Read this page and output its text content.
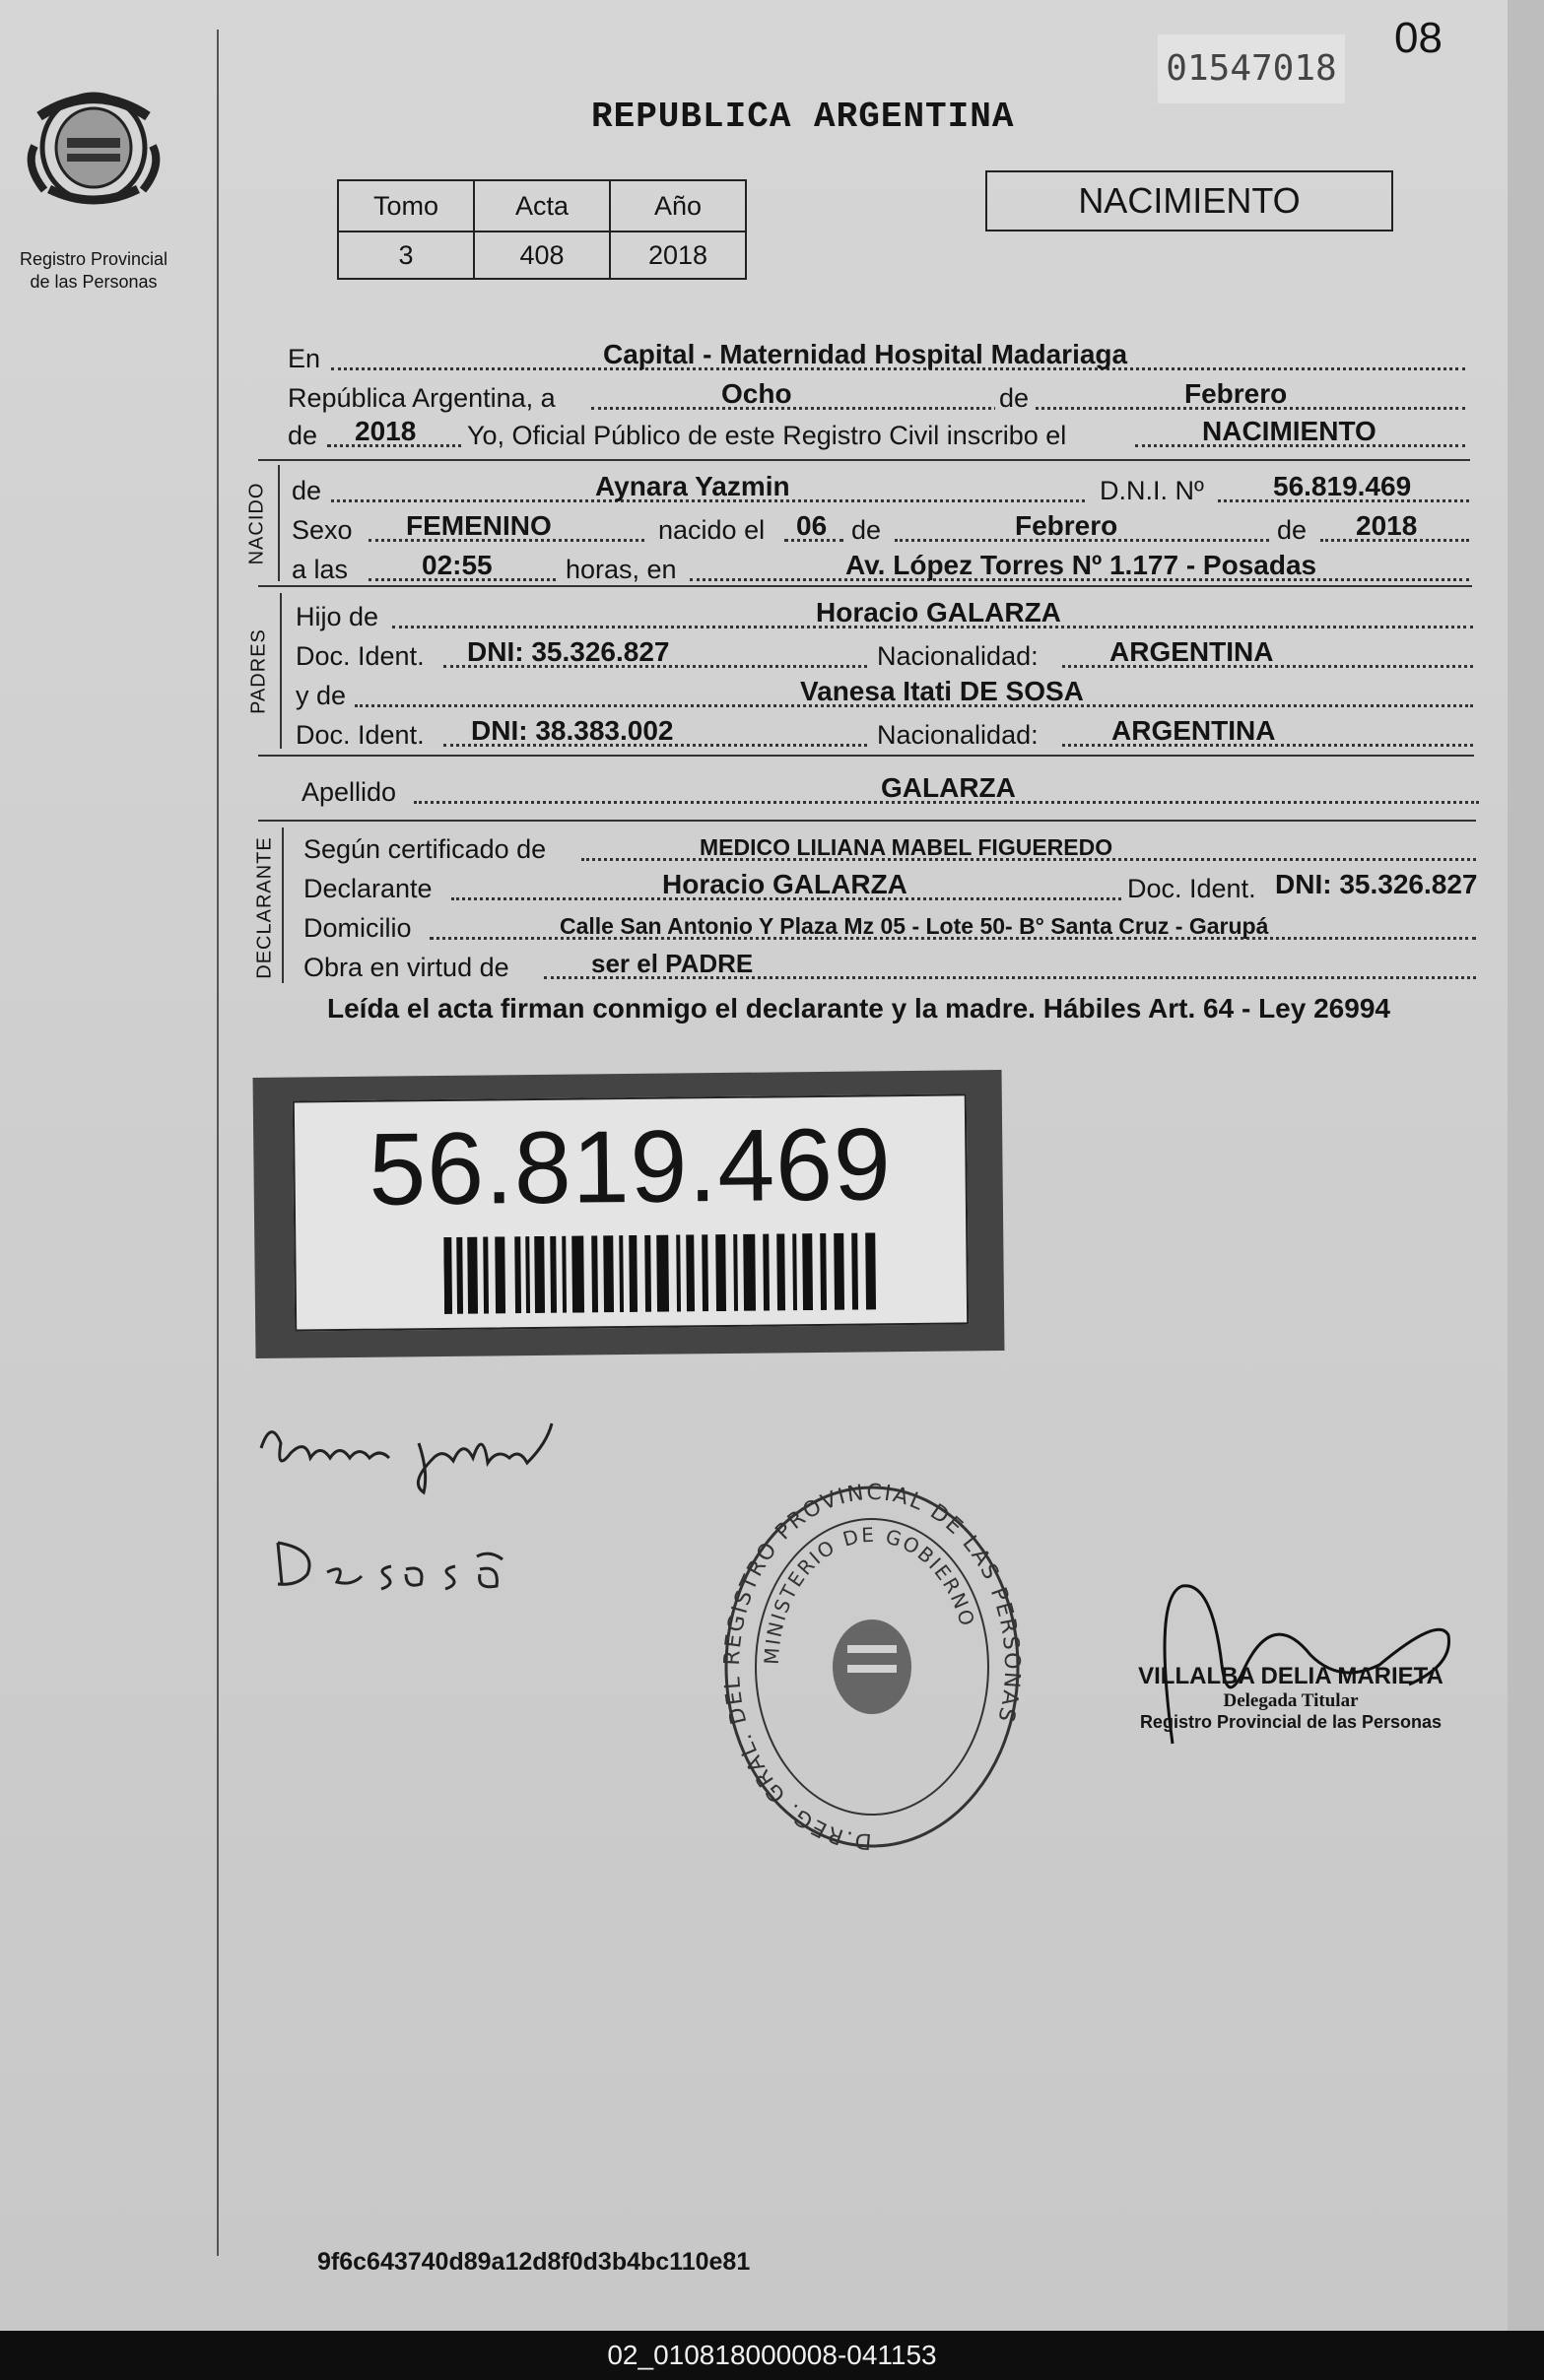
Registro Provincial
de las Personas
01547018
08
REPUBLICA ARGENTINA
Tomo	Acta	Año
3	408	2018
NACIMIENTO
En	Capital - Maternidad Hospital Madariaga
República Argentina, a	Ocho	de	Febrero
de 2018 Yo, Oficial Público de este Registro Civil inscribo el	NACIMIENTO
NACIDO de	Aynara Yazmin	D.N.I. Nº	56.819.469
Sexo FEMENINO	nacido el 06 de	Febrero	de 2018
a las	02:55	horas, en	Av. López Torres Nº 1.177 - Posadas
PADRES
Hijo de	Horacio GALARZA
Doc. Ident. DNI: 35.326.827	Nacionalidad:	ARGENTINA
y de	Vanesa Itati DE SOSA
Doc. Ident. DNI: 38.383.002	Nacionalidad:	ARGENTINA
Apellido	GALARZA
DECLARANTE Según certificado de	MEDICO LILIANA MABEL FIGUEREDO
Declarante	Horacio GALARZA	Doc. Ident. DNI: 35.326.827
Domicilio	Calle San Antonio Y Plaza Mz 05 - Lote 50- B° Santa Cruz - Garupá
Obra en virtud de	ser el PADRE
Leída el acta firman conmigo el declarante y la madre. Hábiles Art. 64 - Ley 26994
56.819.469
D.REG. GRAL. DEL REGISTRO PROVINCIAL DE LAS PERSONAS
MINISTERIO DE GOBIERNO
VILLALBA DELIA MARIETA
Delegada Titular
Registro Provincial de las Personas
9f6c643740d89a12d8f0d3b4bc110e81
02_010818000008-041153
